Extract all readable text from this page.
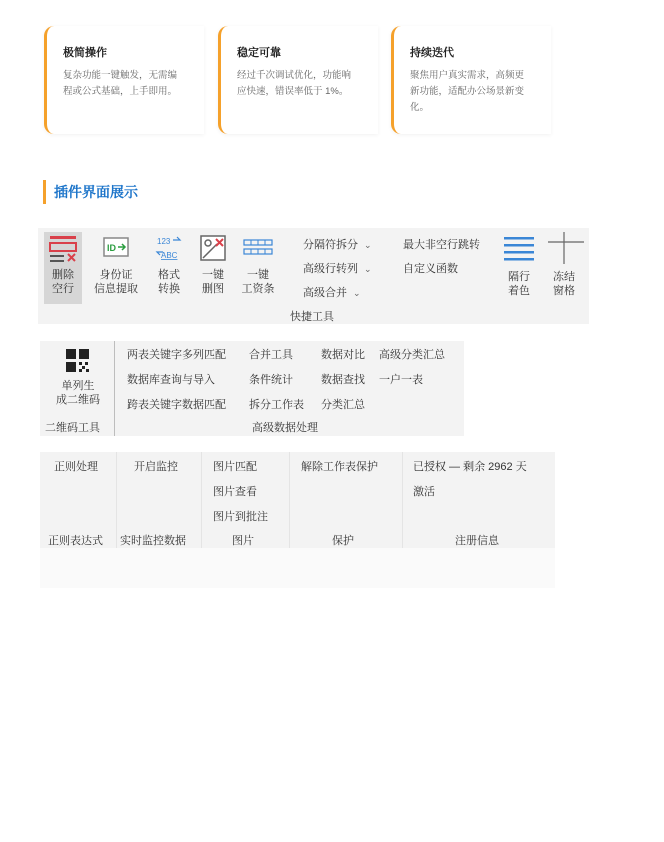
极简操作
复杂功能一键触发，无需编
程或公式基础，上手即用。
稳定可靠
经过千次调试优化，功能响
应快速，错误率低于 1%。
持续迭代
聚焦用户真实需求，高频更
新功能，适配办公场景新变
化。
插件界面展示
删除
空行
ID
身份证
信息提取
123
ABC
格式
转换
一键
删图
一键
工资条
分隔符拆分 ⌄
高级行转列 ⌄
高级合并 ⌄
最大非空行跳转
自定义函数
隔行
着色
冻结
窗格
快捷工具
单列生
成二维码
二维码工具
两表关键字多列匹配 合并工具	数据对比 高级分类汇总
数据库查询与导入	条件统计	数据查找 一户一表
跨表关键字数据匹配 拆分工作表 分类汇总
高级数据处理
正则处理
正则表达式
开启监控
实时监控数据
图片匹配
图片查看
图片到批注
图片
解除工作表保护
保护
已授权 — 剩余 2962 天
激活
注册信息
